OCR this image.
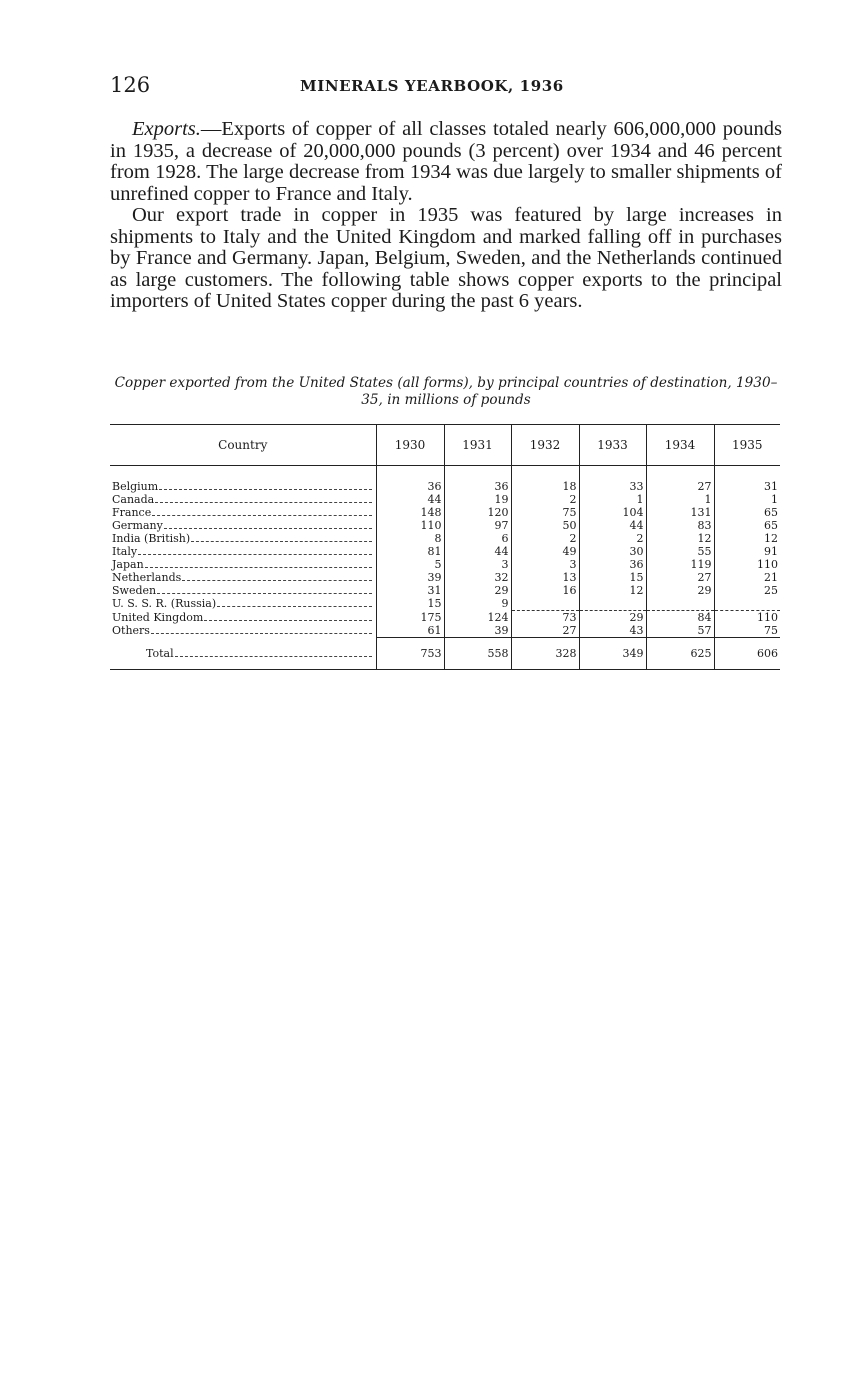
126	MINERALS YEARBOOK, 1936

Exports.—Exports of copper of all classes totaled nearly 606,000,000 pounds in 1935, a decrease of 20,000,000 pounds (3 percent) over 1934 and 46 percent from 1928. The large decrease from 1934 was due largely to smaller shipments of unrefined copper to France and Italy.

Our export trade in copper in 1935 was featured by large increases in shipments to Italy and the United Kingdom and marked falling off in purchases by France and Germany. Japan, Belgium, Sweden, and the Netherlands continued as large customers. The following table shows copper exports to the principal importers of United States copper during the past 6 years.

Copper exported from the United States (all forms), by principal countries of destination, 1930–35, in millions of pounds
Country	1930	1931	1932	1933	1934	1935

Belgium	36	36	18	33	27	31

Canada	44	19	2	1	1	1

France	148	120	75	104	131	65

Germany	110	97	50	44	83	65

India (British)	8	6	2	2	12	12

Italy	81	44	49	30	55	91

Japan	5	3	3	36	119	110

Netherlands	39	32	13	15	27	21

Sweden	31	29	16	12	29	25

U. S. S. R. (Russia)	15	9				

United Kingdom	175	124	73	29	84	110

Others	61	39	27	43	57	75

Total	753	558	328	349	625	606
